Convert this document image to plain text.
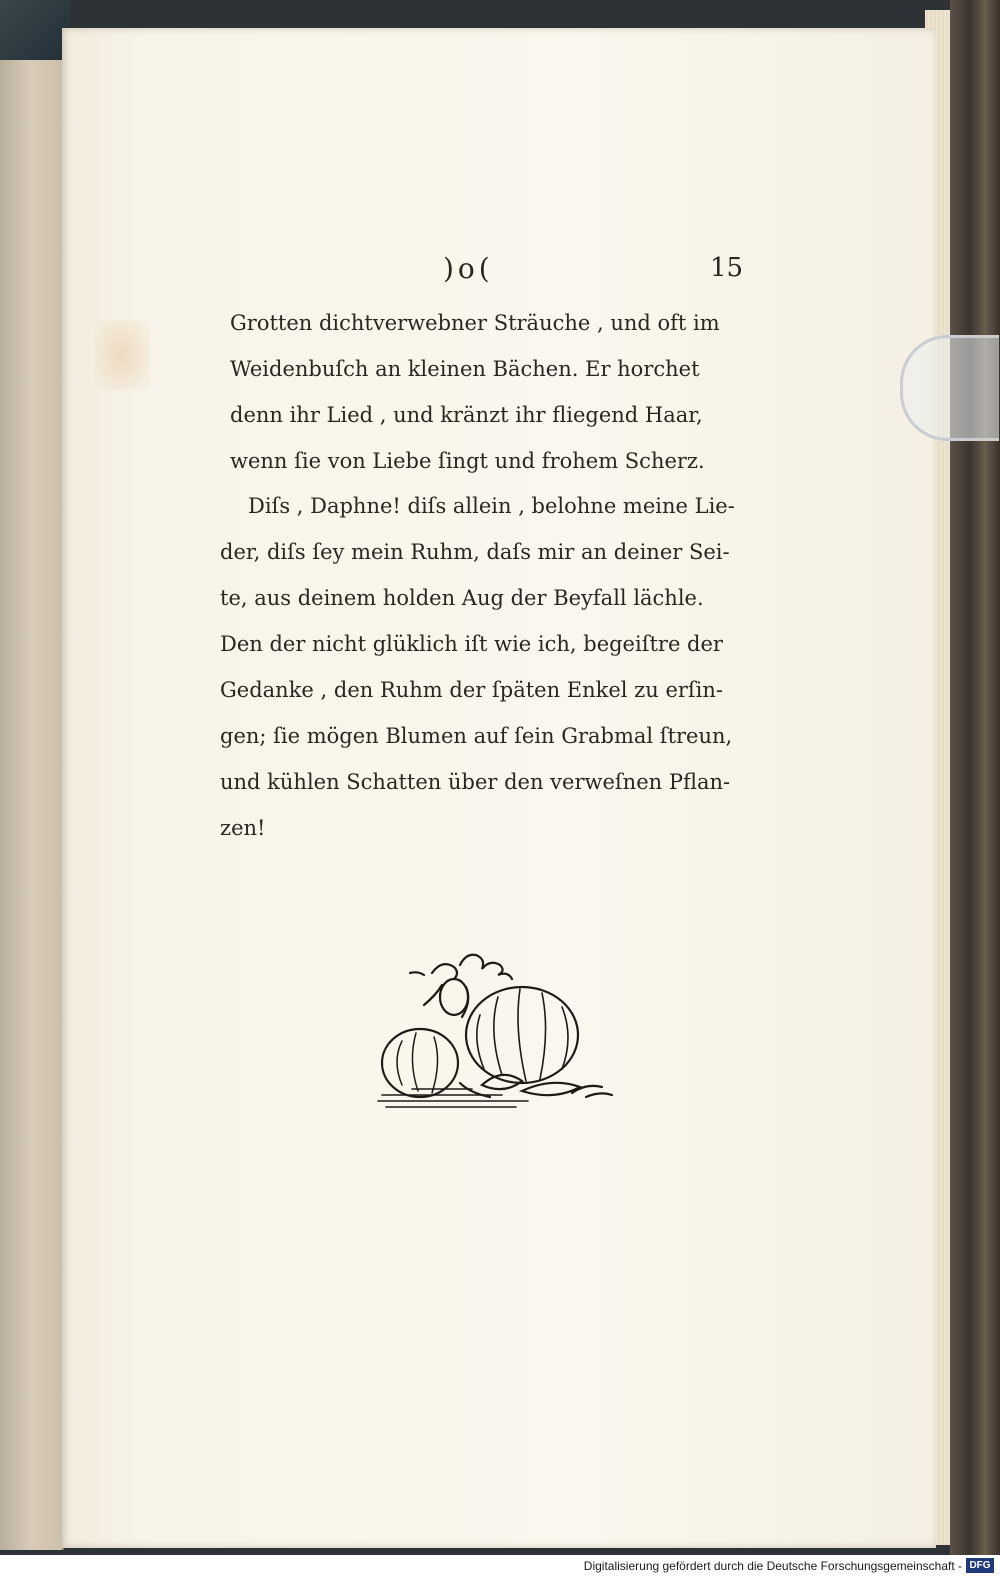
)o(	15
Grotten dichtverwebner Sträuche , und oft im
Weidenbuſch an kleinen Bächen. Er horchet
denn ihr Lied , und kränzt ihr fliegend Haar,
wenn ſie von Liebe ſingt und frohem Scherz.
Diſs , Daphne! diſs allein , belohne meine Lie-
der, diſs ſey mein Ruhm, daſs mir an deiner Sei-
te, aus deinem holden Aug der Beyfall lächle.
Den der nicht glüklich iſt wie ich, begeiſtre der
Gedanke , den Ruhm der ſpäten Enkel zu erſin-
gen; ſie mögen Blumen auf ſein Grabmal ſtreun,
und kühlen Schatten über den verweſnen Pflan-
zen!
Digitalisierung gefördert durch die Deutsche Forschungsgemeinschaft - DFG
